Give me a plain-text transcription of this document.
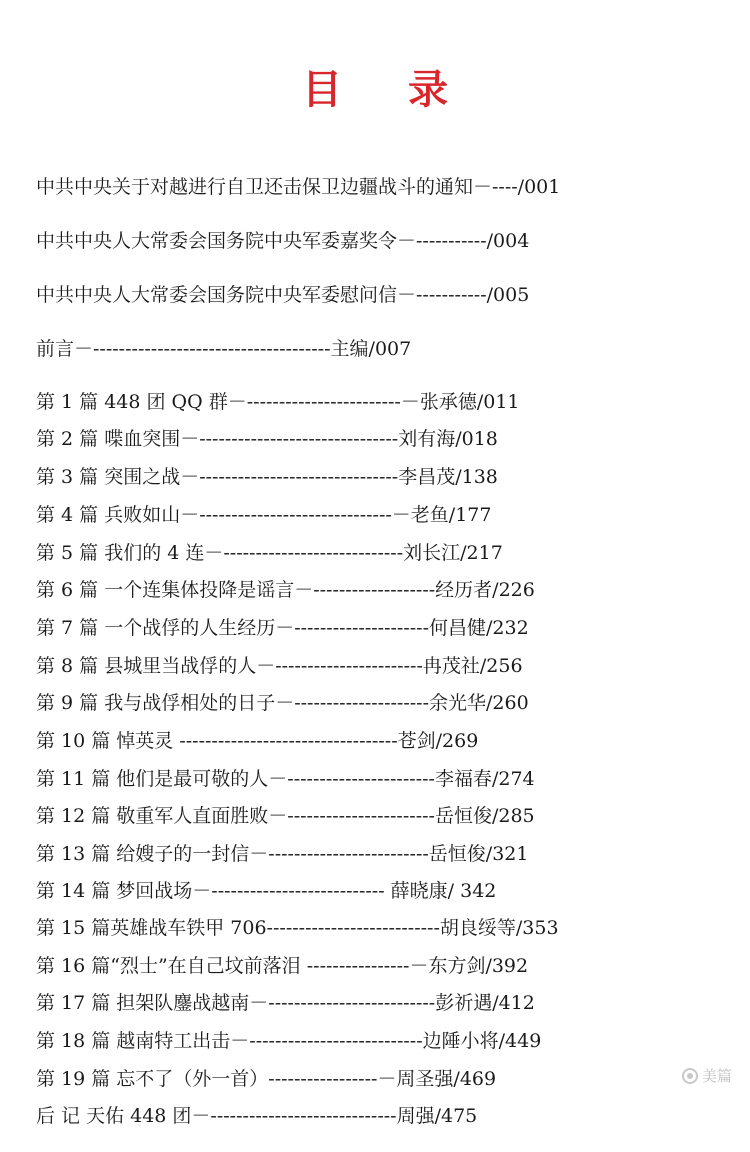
目 录
中共中央关于对越进行自卫还击保卫边疆战斗的通知－----/001
中共中央人大常委会国务院中央军委嘉奖令－-----------/004
中共中央人大常委会国务院中央军委慰问信－-----------/005
前言－-------------------------------------主编/007
第 1 篇 448 团 QQ 群－------------------------－张承德/011
第 2 篇 喋血突围－-------------------------------刘有海/018
第 3 篇 突围之战－-------------------------------李昌茂/138
第 4 篇 兵败如山－------------------------------－老鱼/177
第 5 篇 我们的 4 连－----------------------------刘长江/217
第 6 篇 一个连集体投降是谣言－-------------------经历者/226
第 7 篇 一个战俘的人生经历－---------------------何昌健/232
第 8 篇 县城里当战俘的人－-----------------------冉茂社/256
第 9 篇 我与战俘相处的日子－---------------------余光华/260
第 10 篇 悼英灵 ----------------------------------苍剑/269
第 11 篇 他们是最可敬的人－-----------------------李福春/274
第 12 篇 敬重军人直面胜败－-----------------------岳恒俊/285
第 13 篇 给嫂子的一封信－-------------------------岳恒俊/321
第 14 篇 梦回战场－--------------------------- 薛晓康/ 342
第 15 篇英雄战车铁甲 706---------------------------胡良绥等/353
第 16 篇“烈士”在自己坟前落泪 ----------------－东方剑/392
第 17 篇 担架队鏖战越南－--------------------------彭祈遇/412
第 18 篇 越南特工出击－---------------------------边陲小将/449
第 19 篇 忘不了（外一首）-----------------－周圣强/469
后 记 天佑 448 团－-----------------------------周强/475
美篇
